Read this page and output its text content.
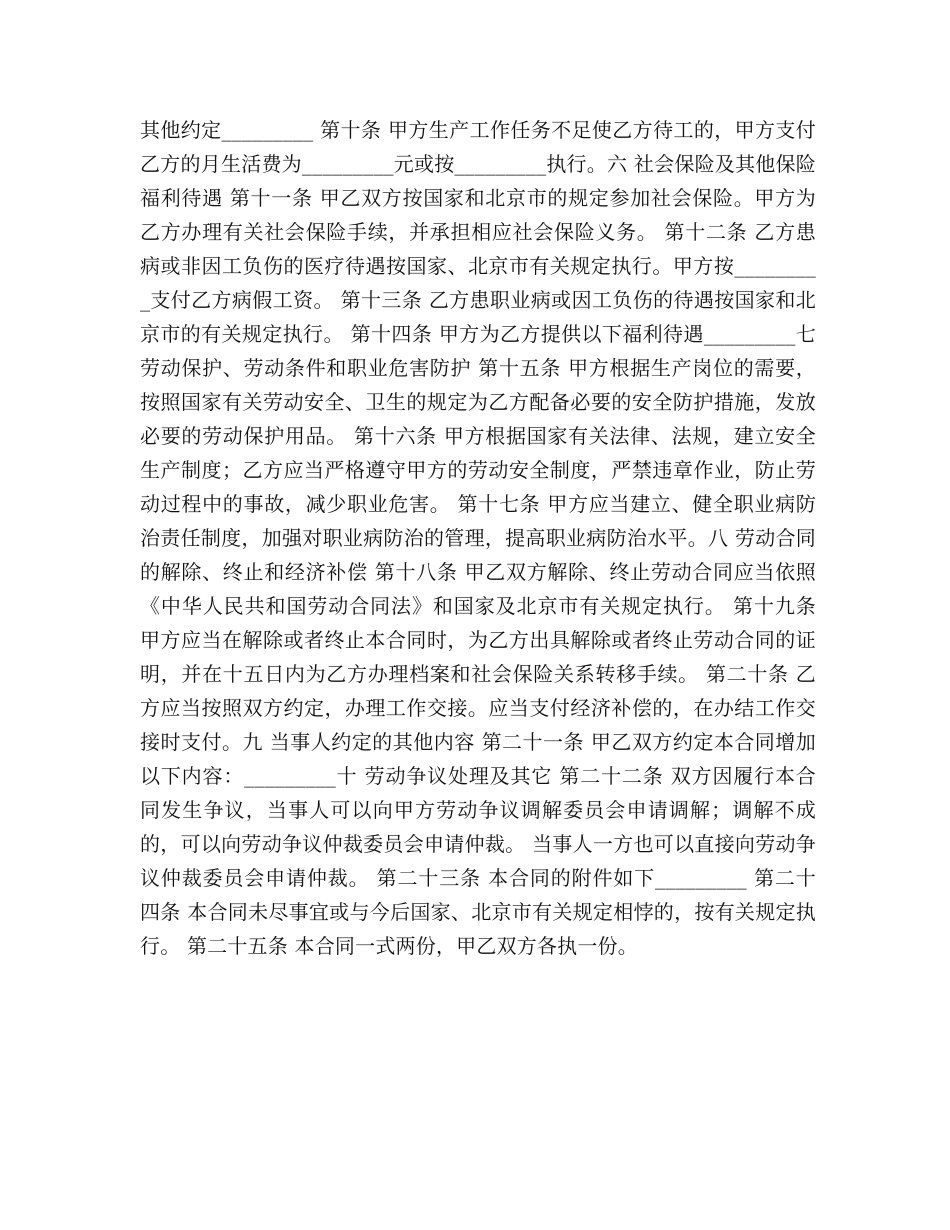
其他约定_________ 第十条 甲方生产工作任务不足使乙方待工的，甲方支付乙方的月生活费为_________元或按_________执行。六 社会保险及其他保险福利待遇 第十一条 甲乙双方按国家和北京市的规定参加社会保险。甲方为乙方办理有关社会保险手续，并承担相应社会保险义务。 第十二条 乙方患病或非因工负伤的医疗待遇按国家、北京市有关规定执行。甲方按_________支付乙方病假工资。 第十三条 乙方患职业病或因工负伤的待遇按国家和北京市的有关规定执行。 第十四条 甲方为乙方提供以下福利待遇_________七 劳动保护、劳动条件和职业危害防护 第十五条 甲方根据生产岗位的需要，按照国家有关劳动安全、卫生的规定为乙方配备必要的安全防护措施，发放必要的劳动保护用品。 第十六条 甲方根据国家有关法律、法规，建立安全生产制度；乙方应当严格遵守甲方的劳动安全制度，严禁违章作业，防止劳动过程中的事故，减少职业危害。 第十七条 甲方应当建立、健全职业病防治责任制度，加强对职业病防治的管理，提高职业病防治水平。八 劳动合同的解除、终止和经济补偿 第十八条 甲乙双方解除、终止劳动合同应当依照《中华人民共和国劳动合同法》和国家及北京市有关规定执行。 第十九条 甲方应当在解除或者终止本合同时，为乙方出具解除或者终止劳动合同的证明，并在十五日内为乙方办理档案和社会保险关系转移手续。 第二十条 乙方应当按照双方约定，办理工作交接。应当支付经济补偿的，在办结工作交接时支付。九 当事人约定的其他内容 第二十一条 甲乙双方约定本合同增加以下内容：_________十 劳动争议处理及其它 第二十二条 双方因履行本合同发生争议，当事人可以向甲方劳动争议调解委员会申请调解；调解不成的，可以向劳动争议仲裁委员会申请仲裁。 当事人一方也可以直接向劳动争议仲裁委员会申请仲裁。 第二十三条 本合同的附件如下_________ 第二十四条 本合同未尽事宜或与今后国家、北京市有关规定相悖的，按有关规定执行。 第二十五条 本合同一式两份，甲乙双方各执一份。
